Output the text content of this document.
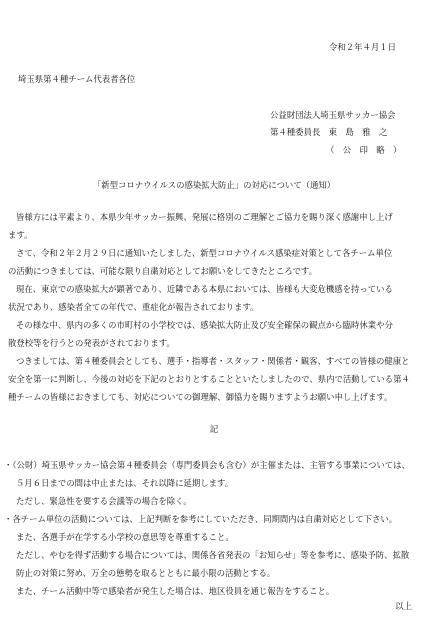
令和２年４月１日
埼玉県第４種チーム代表者各位
公益財団法人埼玉県サッカー協会
第４種委員長　東　島　雅　之
（　公　印　略　）
「新型コロナウイルスの感染拡大防止」の対応について（通知）
皆様方には平素より、本県少年サッカー振興、発展に格別のご理解とご協力を賜り深く感謝申し上げ
ます。
さて、令和２年２月２９日に通知いたしました、新型コロナウイルス感染症対策として各チーム単位
の活動につきましては、可能な限り自粛対応としてお願いをしてきたところです。
現在、東京での感染拡大が顕著であり、近隣である本県においては、皆様も大変危機感を持っている
状況であり、感染者全ての年代で、重症化が報告されております。
その様な中、県内の多くの市町村の小学校では、感染拡大防止及び安全確保の観点から臨時休業や分
散登校等を行うとの発表がされております。
つきましては、第４種委員会としても、選手・指導者・スタッフ・関係者・観客、すべての皆様の健康と
安全を第一に判断し、今後の対応を下記のとおりとすることといたしましたので、県内で活動している第４
種チームの皆様におきましても、対応についての御理解、御協力を賜りますようお願い申し上げます。
記
・（公財）埼玉県サッカー協会第４種委員会（専門委員会も含む）が主催または、主管する事業については、
５月６日までの間は中止または、それ以降に延期します。
ただし、緊急性を要する会議等の場合を除く。
・各チーム単位の活動については、上記判断を参考にしていただき、同期間内は自粛対応として下さい。
また、各選手が在学する小学校の意思等を尊重すること。
ただし、やむを得ず活動する場合については、関係各省発表の「お知らせ」等を参考に、感染予防、拡散
防止の対策に努め、万全の態勢を取るとともに最小限の活動とする。
また、チーム活動中等で感染者が発生した場合は、地区役員を通じ報告をすること。
以上
